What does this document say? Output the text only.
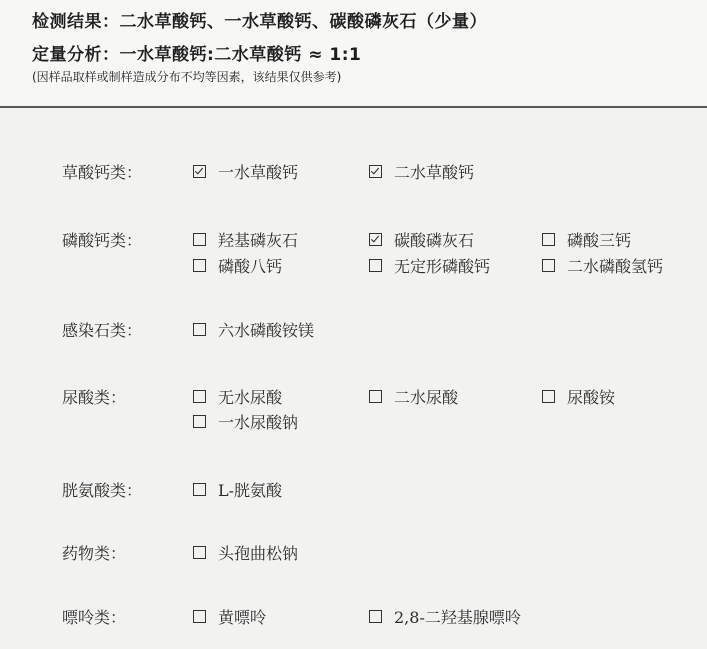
检测结果：二水草酸钙、一水草酸钙、碳酸磷灰石（少量）
定量分析：一水草酸钙:二水草酸钙 ≈ 1:1
(因样品取样或制样造成分布不均等因素，该结果仅供参考)
草酸钙类：	一水草酸钙	二水草酸钙
磷酸钙类：	羟基磷灰石	碳酸磷灰石	磷酸三钙
磷酸八钙	无定形磷酸钙	二水磷酸氢钙
感染石类：	六水磷酸铵镁
尿酸类：	无水尿酸	二水尿酸	尿酸铵
一水尿酸钠
胱氨酸类：	L-胱氨酸
药物类：	头孢曲松钠
嘌呤类：	黄嘌呤	2,8-二羟基腺嘌呤
